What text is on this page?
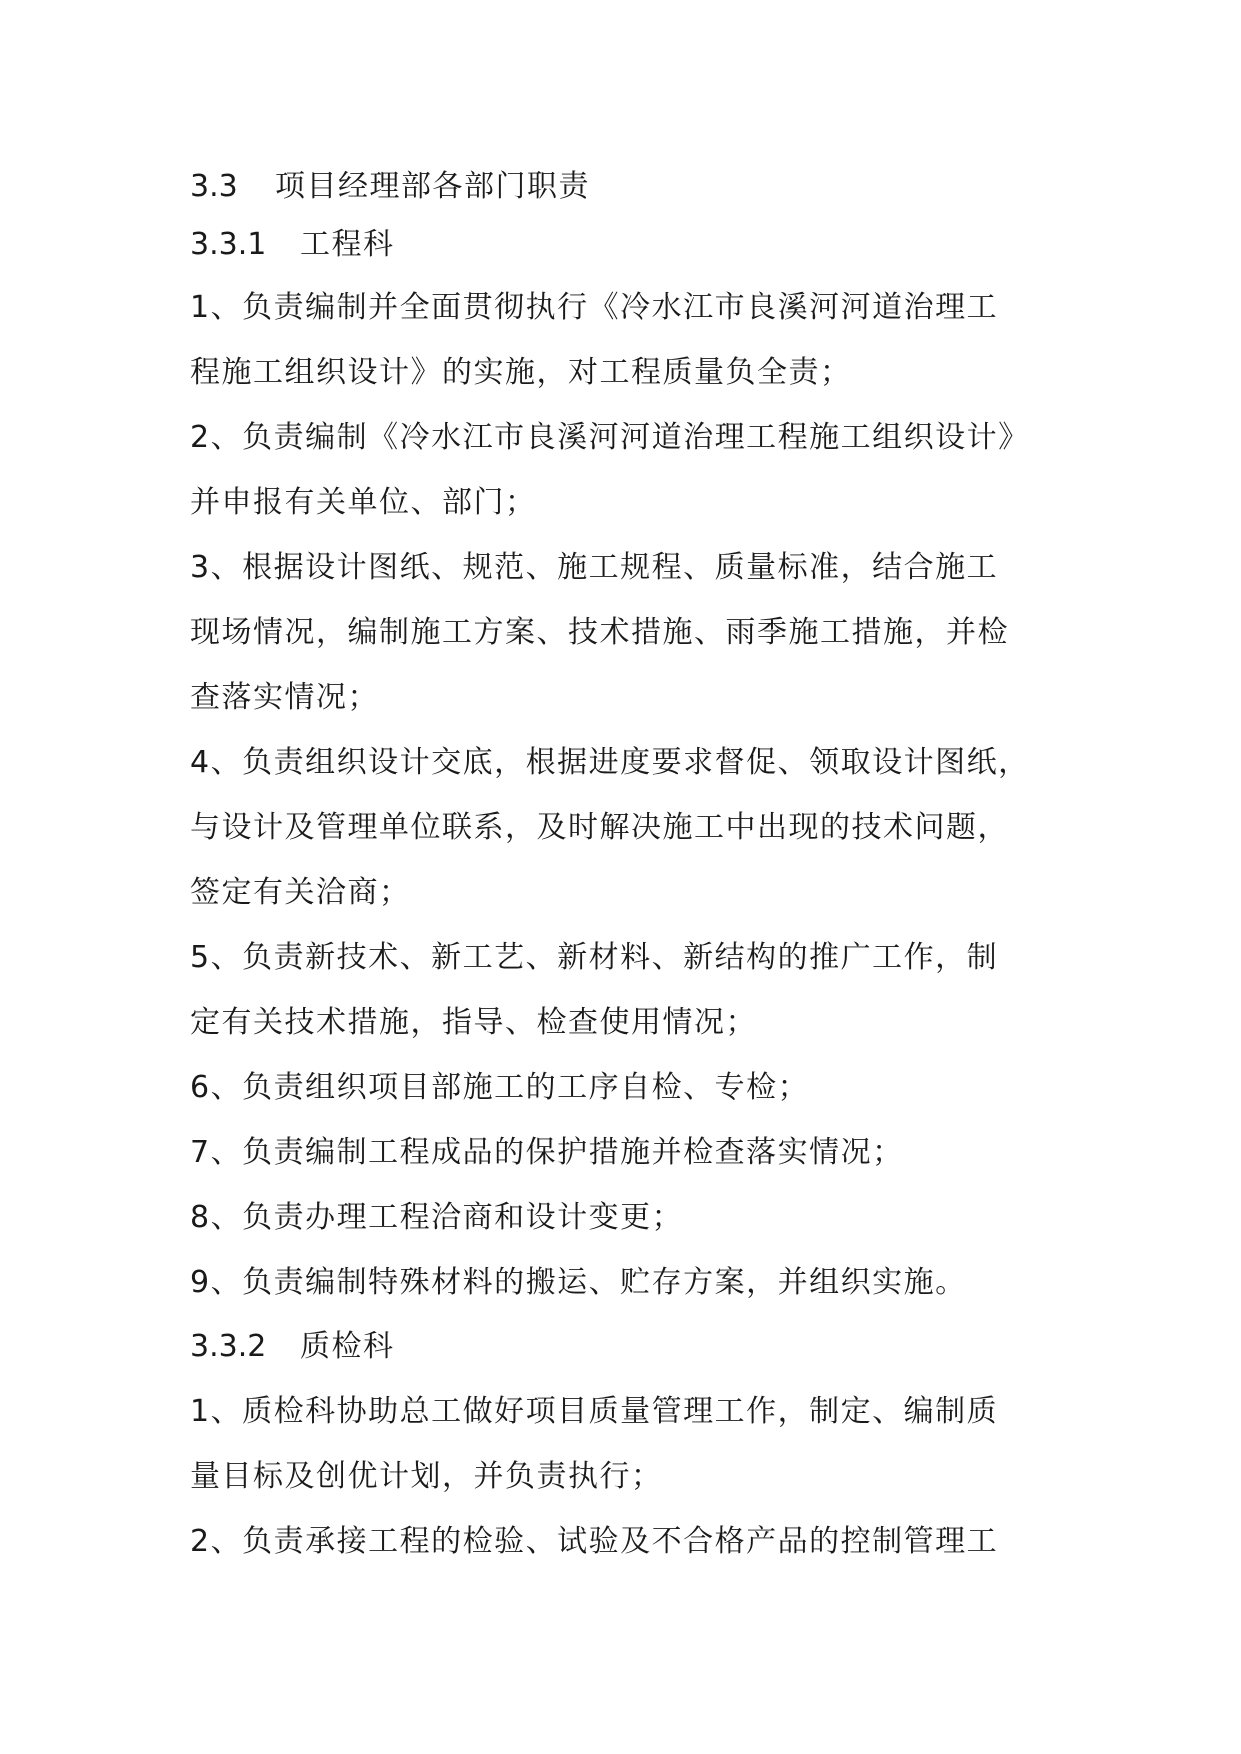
3.3 项目经理部各部门职责
3.3.1 工程科
1、负责编制并全面贯彻执行《冷水江市良溪河河道治理工
程施工组织设计》的实施，对工程质量负全责；
2、负责编制《冷水江市良溪河河道治理工程施工组织设计》
并申报有关单位、部门；
3、根据设计图纸、规范、施工规程、质量标准，结合施工
现场情况，编制施工方案、技术措施、雨季施工措施，并检
查落实情况；
4、负责组织设计交底，根据进度要求督促、领取设计图纸，
与设计及管理单位联系，及时解决施工中出现的技术问题，
签定有关洽商；
5、负责新技术、新工艺、新材料、新结构的推广工作，制
定有关技术措施，指导、检查使用情况；
6、负责组织项目部施工的工序自检、专检；
7、负责编制工程成品的保护措施并检查落实情况；
8、负责办理工程洽商和设计变更；
9、负责编制特殊材料的搬运、贮存方案，并组织实施。
3.3.2 质检科
1、质检科协助总工做好项目质量管理工作，制定、编制质
量目标及创优计划，并负责执行；
2、负责承接工程的检验、试验及不合格产品的控制管理工
